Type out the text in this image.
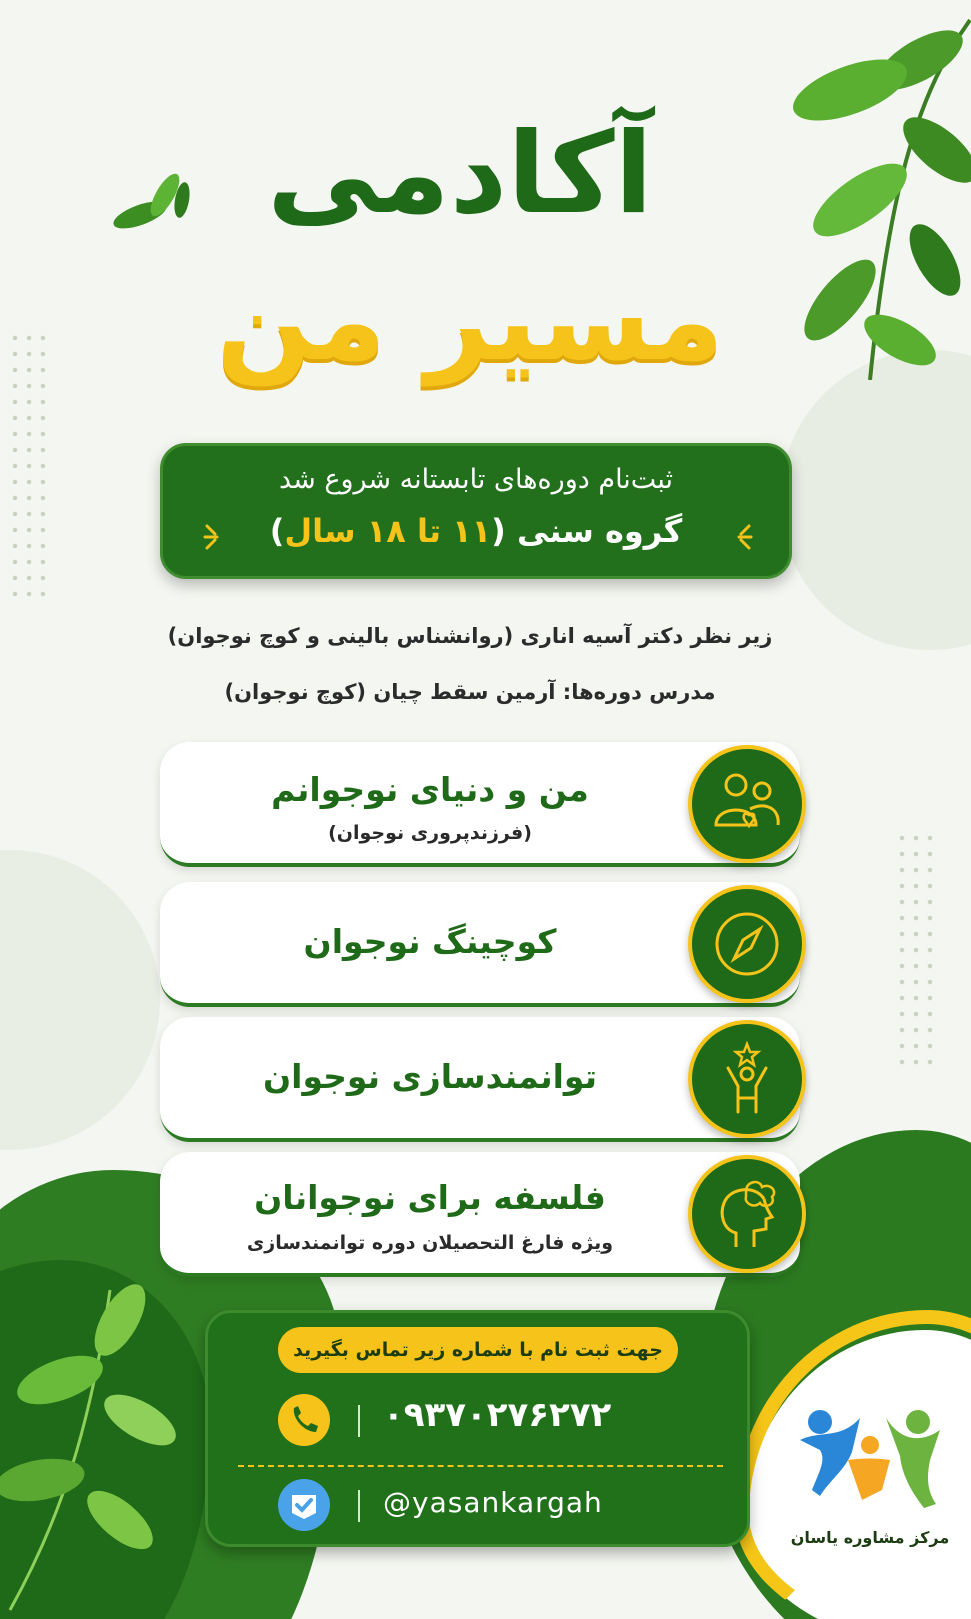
آکادمی
مسیر من
ثبت‌نام دوره‌های تابستانه شروع شد
گروه سنی (۱۱ تا ۱۸ سال)
زیر نظر دکتر آسیه اناری (روانشناس بالینی و کوچ نوجوان)
مدرس دوره‌ها: آرمین سقط چیان (کوچ نوجوان)
من و دنیای نوجوانم
(فرزندپروری نوجوان)
کوچینگ نوجوان
توانمندسازی نوجوان
فلسفه برای نوجوانان
ویژه فارغ التحصیلان دوره توانمندسازی
جهت ثبت نام با شماره زیر تماس بگیرید
۰۹۳۷۰۲۷۶۲۷۲
@yasankargah
مرکز مشاوره یاسان
